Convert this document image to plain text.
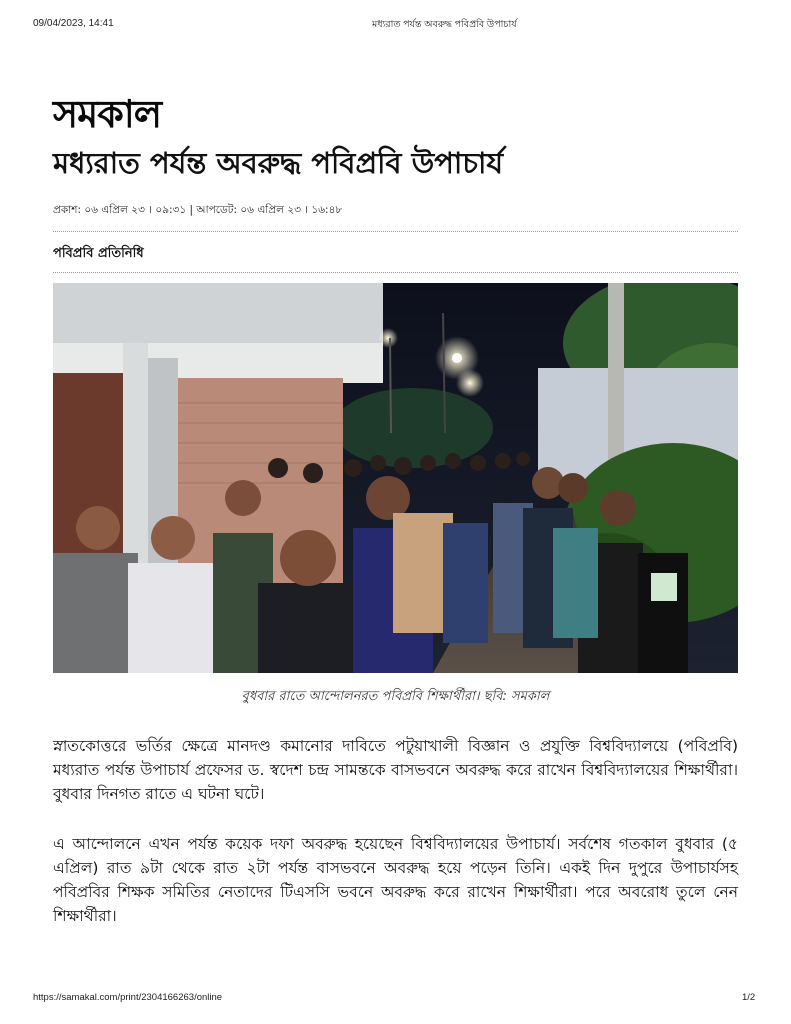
09/04/2023, 14:41	মধ্যরাত পর্যন্ত অবরুদ্ধ পবিপ্রবি উপাচার্য
সমকাল
মধ্যরাত পর্যন্ত অবরুদ্ধ পবিপ্রবি উপাচার্য
প্রকাশ: ০৬ এপ্রিল ২৩ । ০৯:৩১ | আপডেট: ০৬ এপ্রিল ২৩ । ১৬:৪৮
পবিপ্রবি প্রতিনিধি
বুধবার রাতে আন্দোলনরত পবিপ্রবি শিক্ষার্থীরা। ছবি: সমকাল
স্নাতকোত্তরে ভর্তির ক্ষেত্রে মানদণ্ড কমানোর দাবিতে পটুয়াখালী বিজ্ঞান ও প্রযুক্তি বিশ্ববিদ্যালয়ে (পবিপ্রবি) মধ্যরাত পর্যন্ত উপাচার্য প্রফেসর ড. স্বদেশ চন্দ্র সামন্তকে বাসভবনে অবরুদ্ধ করে রাখেন বিশ্ববিদ্যালয়ের শিক্ষার্থীরা। বুধবার দিনগত রাতে এ ঘটনা ঘটে।
এ আন্দোলনে এখন পর্যন্ত কয়েক দফা অবরুদ্ধ হয়েছেন বিশ্ববিদ্যালয়ের উপাচার্য। সর্বশেষ গতকাল বুধবার (৫ এপ্রিল) রাত ৯টা থেকে রাত ২টা পর্যন্ত বাসভবনে অবরুদ্ধ হয়ে পড়েন তিনি। একই দিন দুপুরে উপাচার্যসহ পবিপ্রবির শিক্ষক সমিতির নেতাদের টিএসসি ভবনে অবরুদ্ধ করে রাখেন শিক্ষার্থীরা। পরে অবরোধ তুলে নেন শিক্ষার্থীরা।
https://samakal.com/print/2304166263/online	1/2
